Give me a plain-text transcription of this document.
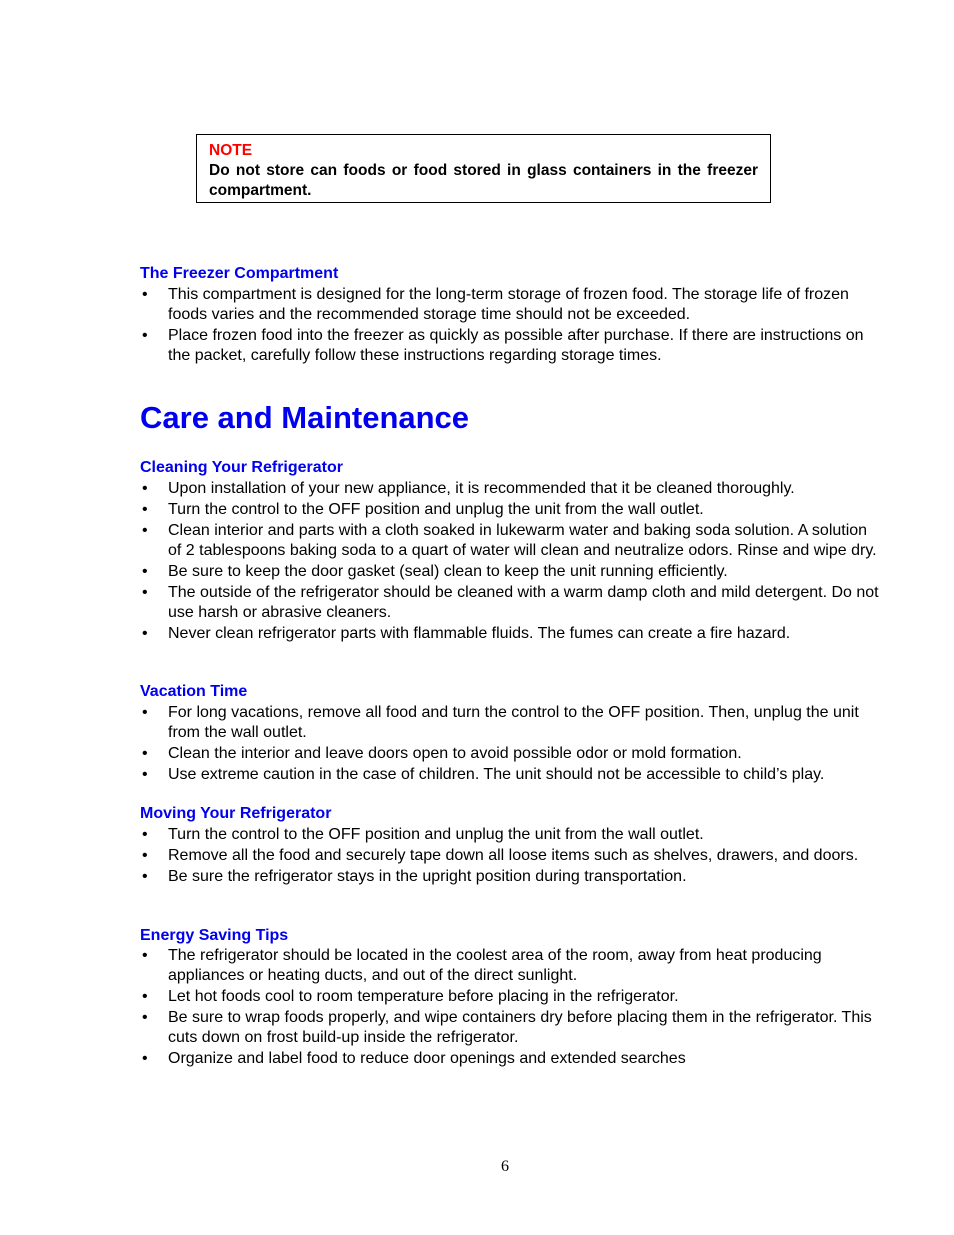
NOTE
Do not store can foods or food stored in glass containers in the freezer compartment.
The Freezer Compartment
• This compartment is designed for the long-term storage of frozen food. The storage life of frozen foods varies and the recommended storage time should not be exceeded.
• Place frozen food into the freezer as quickly as possible after purchase. If there are instructions on the packet, carefully follow these instructions regarding storage times.
Care and Maintenance
Cleaning Your Refrigerator
• Upon installation of your new appliance, it is recommended that it be cleaned thoroughly.
• Turn the control to the OFF position and unplug the unit from the wall outlet.
• Clean interior and parts with a cloth soaked in lukewarm water and baking soda solution. A solution of 2 tablespoons baking soda to a quart of water will clean and neutralize odors. Rinse and wipe dry.
• Be sure to keep the door gasket (seal) clean to keep the unit running efficiently.
• The outside of the refrigerator should be cleaned with a warm damp cloth and mild detergent. Do not use harsh or abrasive cleaners.
• Never clean refrigerator parts with flammable fluids. The fumes can create a fire hazard.
Vacation Time
• For long vacations, remove all food and turn the control to the OFF position. Then, unplug the unit from the wall outlet.
• Clean the interior and leave doors open to avoid possible odor or mold formation.
• Use extreme caution in the case of children. The unit should not be accessible to child’s play.
Moving Your Refrigerator
• Turn the control to the OFF position and unplug the unit from the wall outlet.
• Remove all the food and securely tape down all loose items such as shelves, drawers, and doors.
• Be sure the refrigerator stays in the upright position during transportation.
Energy Saving Tips
• The refrigerator should be located in the coolest area of the room, away from heat producing appliances or heating ducts, and out of the direct sunlight.
• Let hot foods cool to room temperature before placing in the refrigerator.
• Be sure to wrap foods properly, and wipe containers dry before placing them in the refrigerator. This cuts down on frost build-up inside the refrigerator.
• Organize and label food to reduce door openings and extended searches
6
